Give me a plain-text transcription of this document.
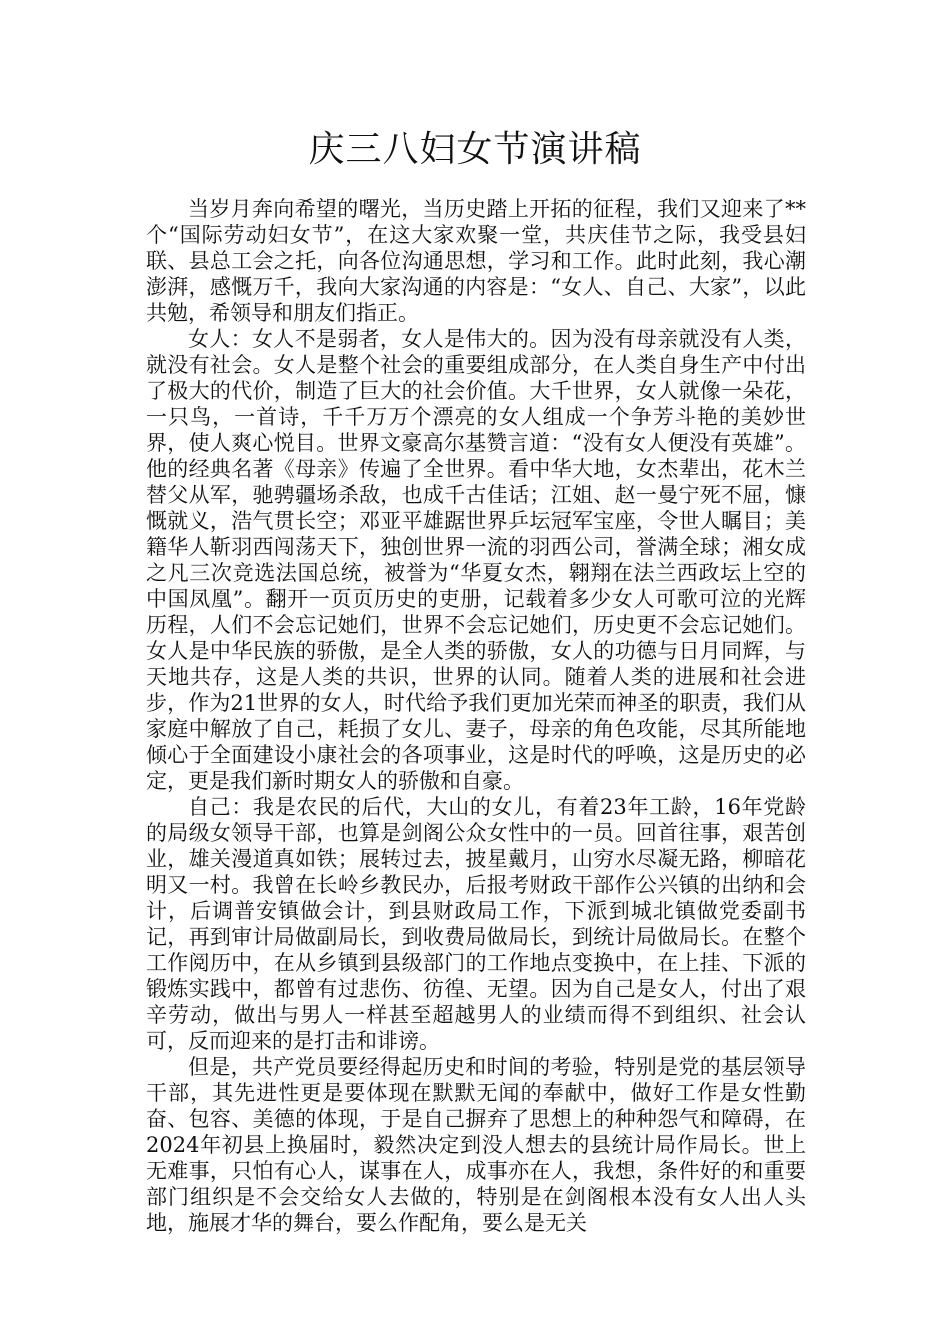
庆三八妇女节演讲稿

当岁月奔向希望的曙光，当历史踏上开拓的征程，我们又迎来了**个“国际劳动妇女节”，在这大家欢聚一堂，共庆佳节之际，我受县妇联、县总工会之托，向各位沟通思想，学习和工作。此时此刻，我心潮澎湃，感慨万千，我向大家沟通的内容是：“女人、自己、大家”，以此共勉，希领导和朋友们指正。

女人：女人不是弱者，女人是伟大的。因为没有母亲就没有人类，就没有社会。女人是整个社会的重要组成部分，在人类自身生产中付出了极大的代价，制造了巨大的社会价值。大千世界，女人就像一朵花，一只鸟，一首诗，千千万万个漂亮的女人组成一个争芳斗艳的美妙世界，使人爽心悦目。世界文豪高尔基赞言道：“没有女人便没有英雄”。他的经典名著《母亲》传遍了全世界。看中华大地，女杰辈出，花木兰替父从军，驰骋疆场杀敌，也成千古佳话；江姐、赵一曼宁死不屈，慷慨就义，浩气贯长空；邓亚平雄踞世界乒坛冠军宝座，令世人瞩目；美籍华人靳羽西闯荡天下，独创世界一流的羽西公司，誉满全球；湘女成之凡三次竞选法国总统，被誉为“华夏女杰，翱翔在法兰西政坛上空的中国凤凰”。翻开一页页历史的吏册，记载着多少女人可歌可泣的光辉历程，人们不会忘记她们，世界不会忘记她们，历史更不会忘记她们。女人是中华民族的骄傲，是全人类的骄傲，女人的功德与日月同辉，与天地共存，这是人类的共识，世界的认同。随着人类的进展和社会进步，作为21世界的女人，时代给予我们更加光荣而神圣的职责，我们从家庭中解放了自己，耗损了女儿、妻子，母亲的角色攻能，尽其所能地倾心于全面建设小康社会的各项事业，这是时代的呼唤，这是历史的必定，更是我们新时期女人的骄傲和自豪。

自己：我是农民的后代，大山的女儿，有着23年工龄，16年党龄的局级女领导干部，也算是剑阁公众女性中的一员。回首往事，艰苦创业，雄关漫道真如铁；展转过去，披星戴月，山穷水尽凝无路，柳暗花明又一村。我曾在长岭乡教民办，后报考财政干部作公兴镇的出纳和会计，后调普安镇做会计，到县财政局工作，下派到城北镇做党委副书记，再到审计局做副局长，到收费局做局长，到统计局做局长。在整个工作阅历中，在从乡镇到县级部门的工作地点变换中，在上挂、下派的锻炼实践中，都曾有过悲伤、彷徨、无望。因为自己是女人，付出了艰辛劳动，做出与男人一样甚至超越男人的业绩而得不到组织、社会认可，反而迎来的是打击和诽谤。

但是，共产党员要经得起历史和时间的考验，特别是党的基层领导干部，其先进性更是要体现在默默无闻的奉献中，做好工作是女性勤奋、包容、美德的体现，于是自己摒弃了思想上的种种怨气和障碍，在2024年初县上换届时，毅然决定到没人想去的县统计局作局长。世上无难事，只怕有心人，谋事在人，成事亦在人，我想，条件好的和重要部门组织是不会交给女人去做的，特别是在剑阁根本没有女人出人头地，施展才华的舞台，要么作配角，要么是无关
